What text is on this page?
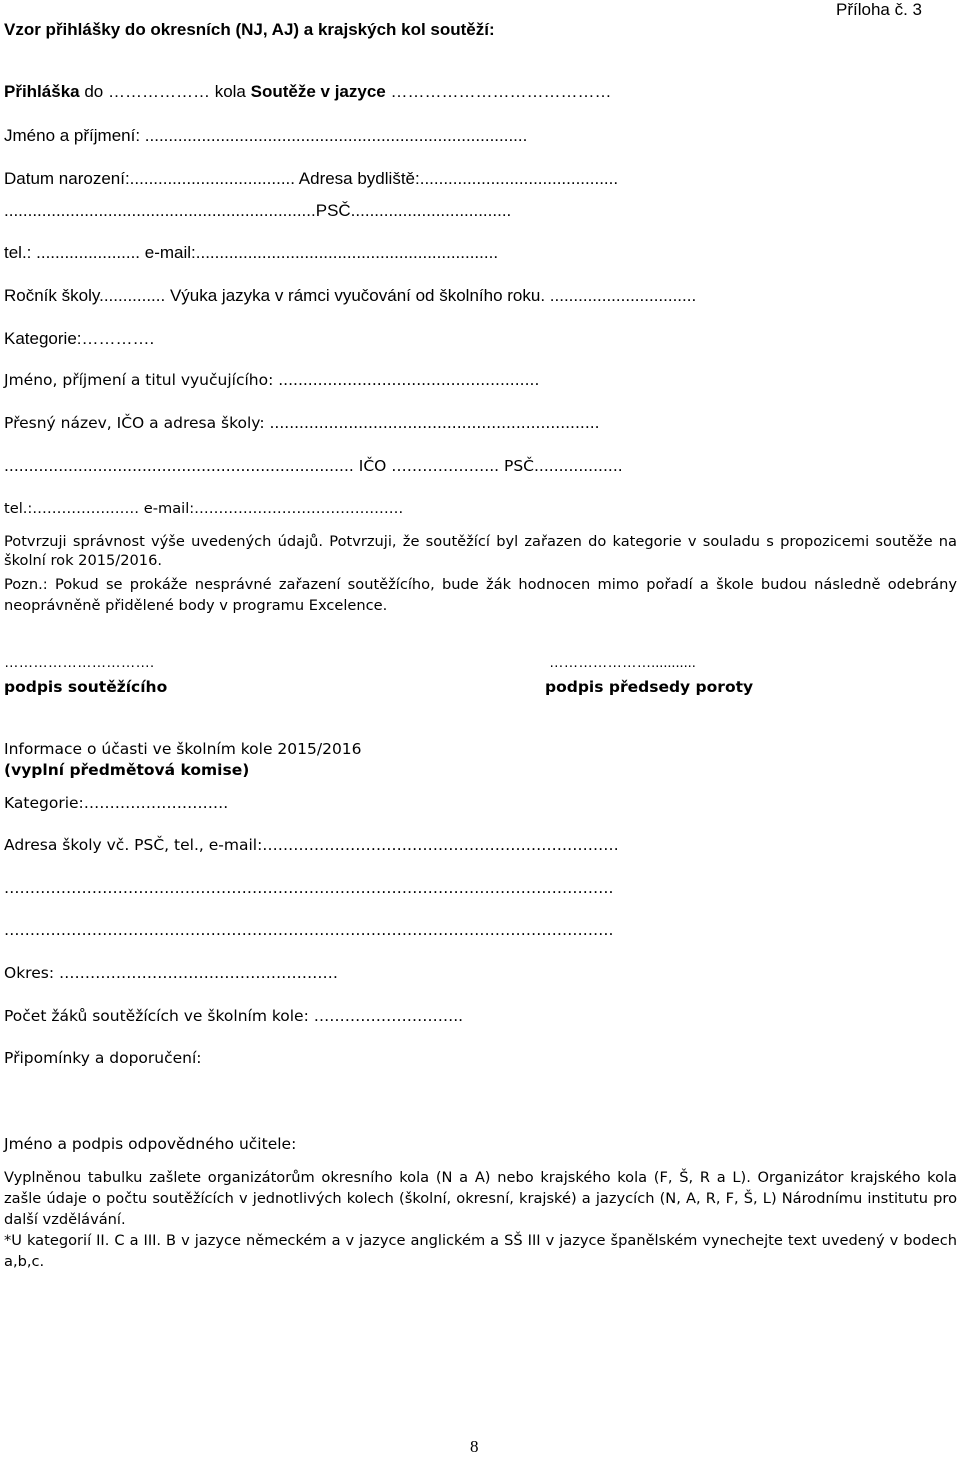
Vzor přihlášky do okresních (NJ, AJ) a krajských kol soutěží:
Příloha č. 3
Přihláška do ……………… kola Soutěže v jazyce …………………………………
Jméno a příjmení: .................................................................................
Datum narození:................................... Adresa bydliště:..........................................
..................................................................PSČ..................................
tel.: ...................... e-mail:................................................................
Ročník školy.............. Výuka jazyka v rámci vyučování od školního roku. ...............................
Kategorie:………….
Jméno, příjmení a titul vyučujícího: .....................................................
Přesný název, IČO a adresa školy: ...................................................................
....................................................................... IČO ………………... PSČ..................
tel.:…………….…… e-mail:…………………………………….
Potvrzuji správnost výše uvedených údajů. Potvrzuji, že soutěžící byl zařazen do kategorie v souladu s propozicemi soutěže na školní rok 2015/2016.
Pozn.: Pokud se prokáže nesprávné zařazení soutěžícího, bude žák hodnocen mimo pořadí a škole budou následně odebrány neoprávněně přidělené body v programu Excelence.
………………………….
podpis soutěžícího
…………………...........
podpis předsedy poroty
Informace o účasti ve školním kole 2015/2016
(vyplní předmětová komise)
Kategorie:……………………….
Adresa školy vč. PSČ, tel., e-mail:……………………………………………………………
……………………………………………………………………………………………………….
……………………………………………………………………………………………………….
Okres: ………………………………………………
Počet žáků soutěžících ve školním kole: ………………………..
Připomínky a doporučení:
Jméno a podpis odpovědného učitele:
Vyplněnou tabulku zašlete organizátorům okresního kola (N a A) nebo krajského kola (F, Š, R a L). Organizátor krajského kola zašle údaje o počtu soutěžících v jednotlivých kolech (školní, okresní, krajské) a jazycích (N, A, R, F, Š, L) Národnímu institutu pro další vzdělávání.
*U kategorií II. C a III. B v jazyce německém a v jazyce anglickém a SŠ III v jazyce španělském vynechejte text uvedený v bodech a,b,c.
8
